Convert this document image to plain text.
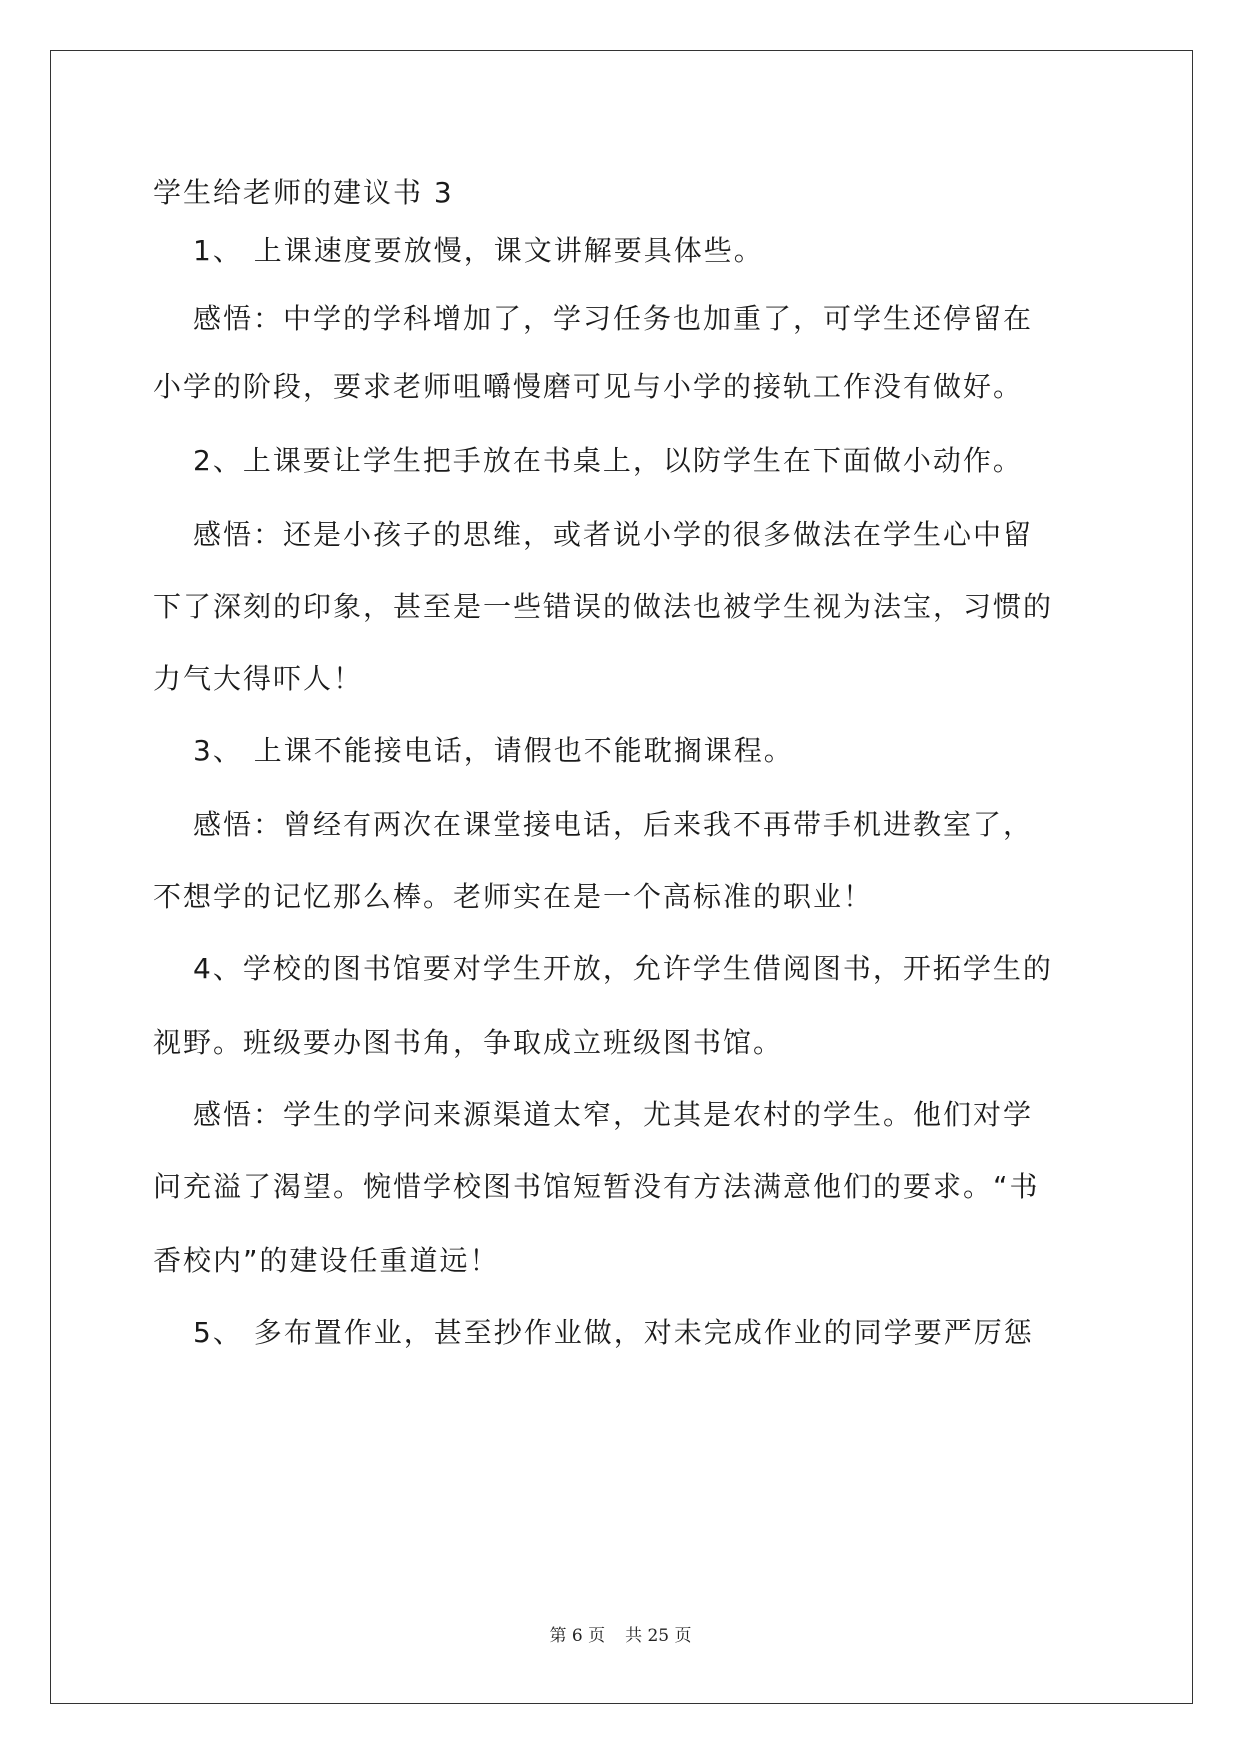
学生给老师的建议书 3

1、 上课速度要放慢，课文讲解要具体些。

感悟：中学的学科增加了，学习任务也加重了，可学生还停留在

小学的阶段，要求老师咀嚼慢磨可见与小学的接轨工作没有做好。

2、上课要让学生把手放在书桌上，以防学生在下面做小动作。

感悟：还是小孩子的思维，或者说小学的很多做法在学生心中留

下了深刻的印象，甚至是一些错误的做法也被学生视为法宝，习惯的

力气大得吓人！

3、 上课不能接电话，请假也不能耽搁课程。

感悟：曾经有两次在课堂接电话，后来我不再带手机进教室了，

不想学的记忆那么棒。老师实在是一个高标准的职业！

4、学校的图书馆要对学生开放，允许学生借阅图书，开拓学生的

视野。班级要办图书角，争取成立班级图书馆。

感悟：学生的学问来源渠道太窄，尤其是农村的学生。他们对学

问充溢了渴望。惋惜学校图书馆短暂没有方法满意他们的要求。“书

香校内”的建设任重道远！

5、 多布置作业，甚至抄作业做，对未完成作业的同学要严厉惩

第 6 页 共 25 页
